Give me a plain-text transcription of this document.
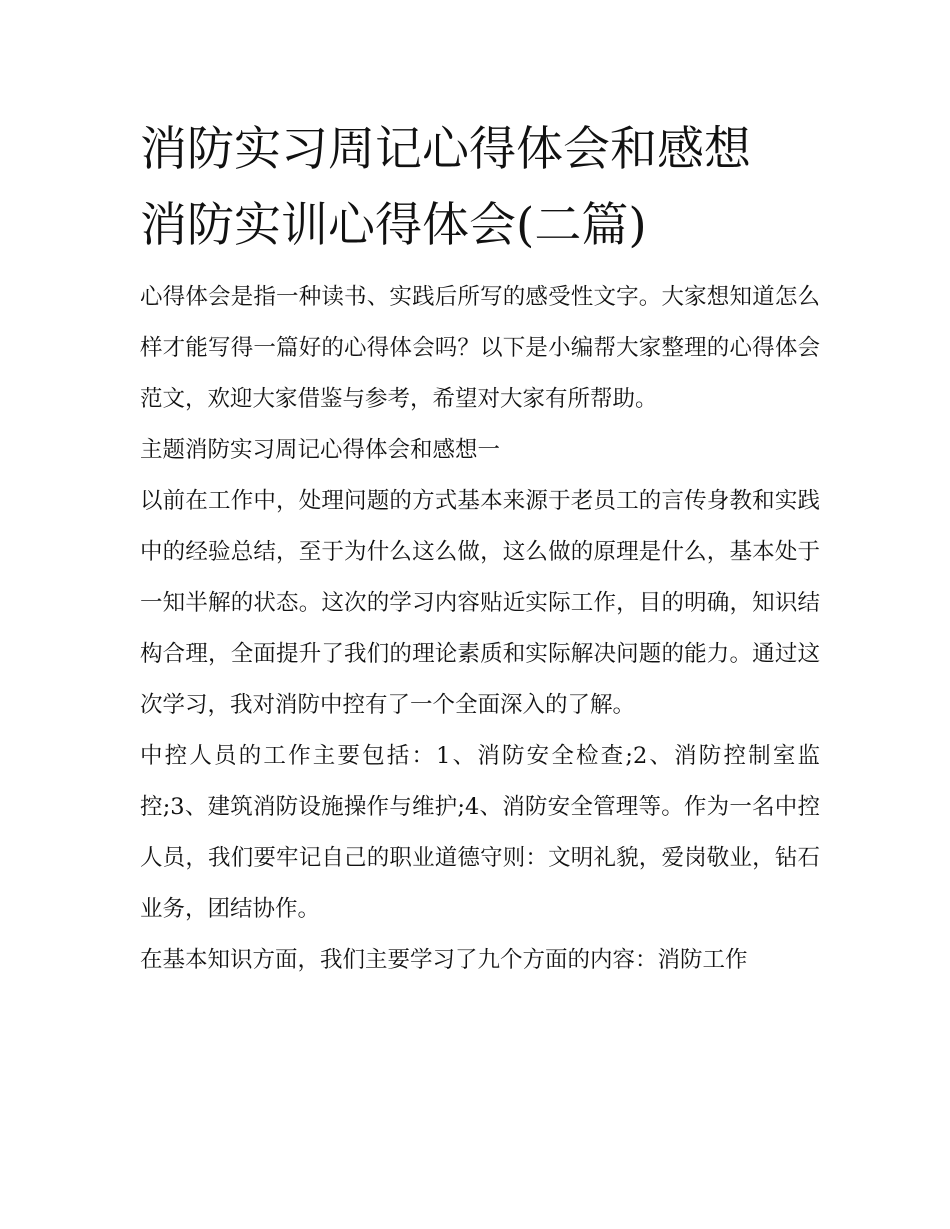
消防实习周记心得体会和感想
消防实训心得体会(二篇)

心得体会是指一种读书、实践后所写的感受性文字。大家想知道怎么样才能写得一篇好的心得体会吗？以下是小编帮大家整理的心得体会范文，欢迎大家借鉴与参考，希望对大家有所帮助。

主题消防实习周记心得体会和感想一

以前在工作中，处理问题的方式基本来源于老员工的言传身教和实践中的经验总结，至于为什么这么做，这么做的原理是什么，基本处于一知半解的状态。这次的学习内容贴近实际工作，目的明确，知识结构合理，全面提升了我们的理论素质和实际解决问题的能力。通过这次学习，我对消防中控有了一个全面深入的了解。

中控人员的工作主要包括：1、消防安全检查;2、消防控制室监控;3、建筑消防设施操作与维护;4、消防安全管理等。作为一名中控人员，我们要牢记自己的职业道德守则：文明礼貌，爱岗敬业，钻石业务，团结协作。

在基本知识方面，我们主要学习了九个方面的内容：消防工作
